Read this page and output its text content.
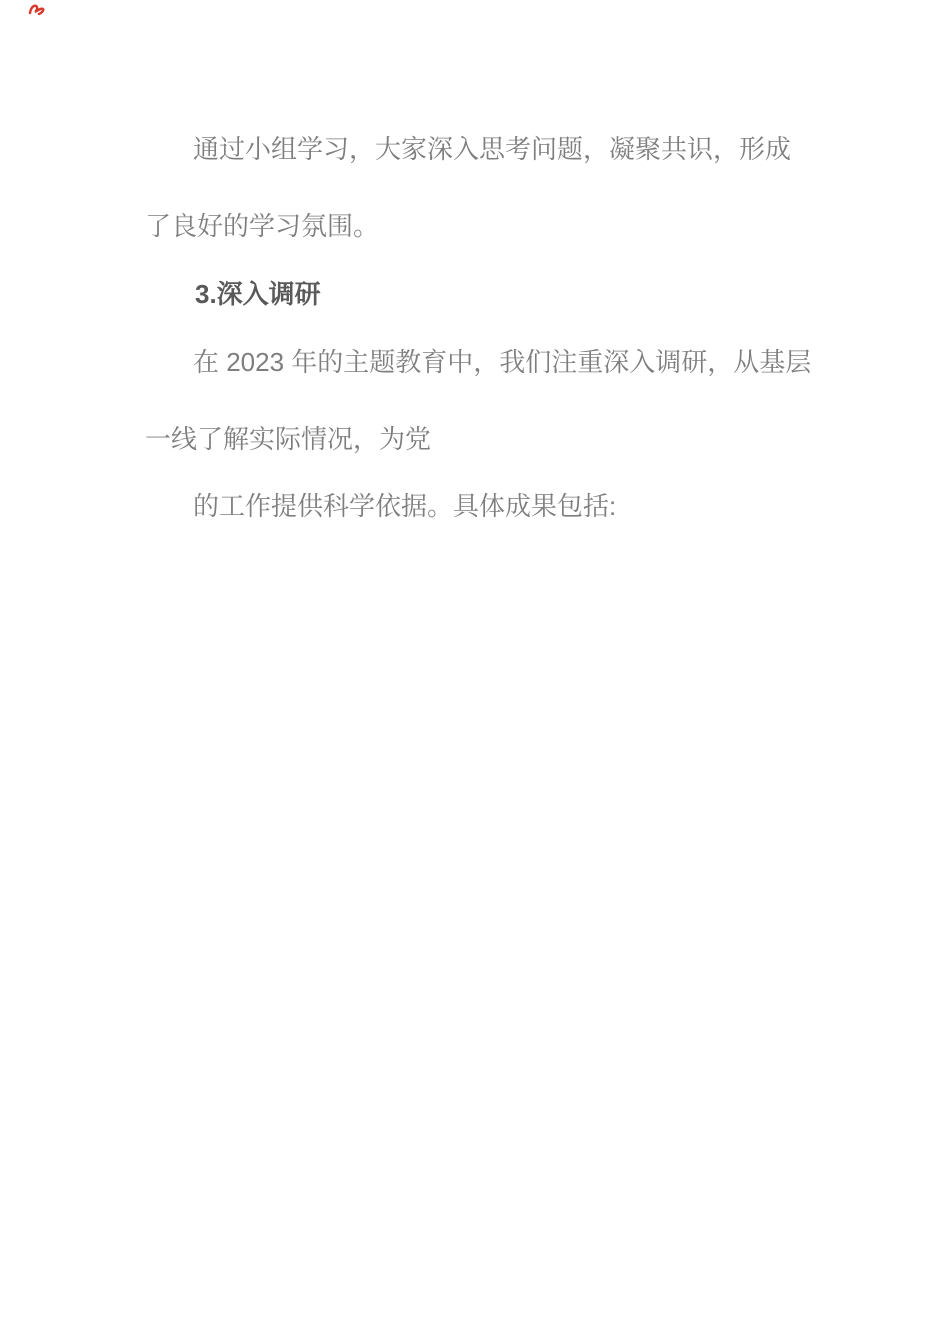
通过小组学习，大家深入思考问题，凝聚共识，形成
了良好的学习氛围。
3.深入调研
在 2023 年的主题教育中，我们注重深入调研，从基层
一线了解实际情况，为党
的工作提供科学依据。具体成果包括:
